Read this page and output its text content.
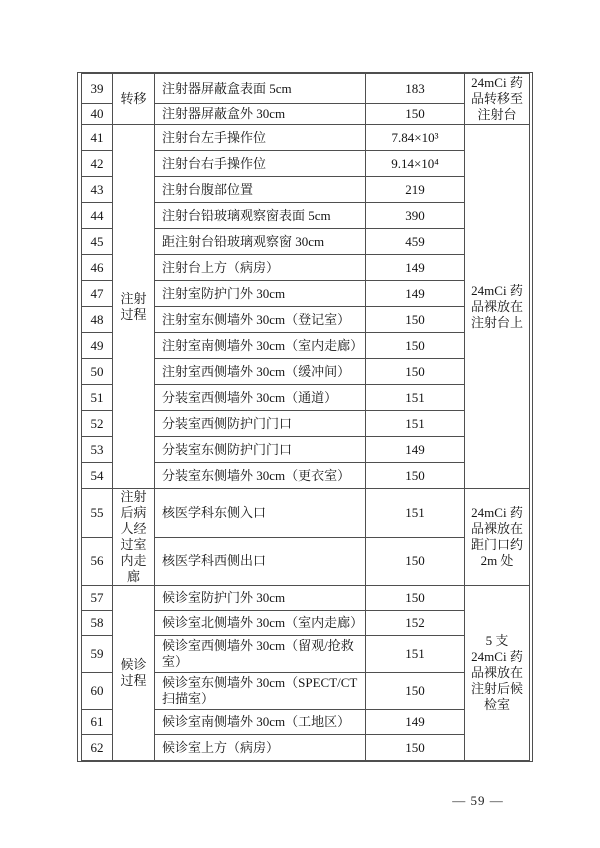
39	转移	注射器屏蔽盒表面 5cm	183	24mCi 药品转移至注射台
40		注射器屏蔽盒外 30cm	150	
41	注射过程	注射台左手操作位	7.84×10³	24mCi 药品裸放在注射台上
42		注射台右手操作位	9.14×10⁴	
43		注射台腹部位置	219	
44		注射台铅玻璃观察窗表面 5cm	390	
45		距注射台铅玻璃观察窗 30cm	459	
46		注射台上方（病房）	149	
47		注射室防护门外 30cm	149	
48		注射室东侧墙外 30cm（登记室）	150	
49		注射室南侧墙外 30cm（室内走廊）	150	
50		注射室西侧墙外 30cm（缓冲间）	150	
51		分装室西侧墙外 30cm（通道）	151	
52		分装室西侧防护门门口	151	
53		分装室东侧防护门门口	149	
54		分装室东侧墙外 30cm（更衣室）	150	
55	注射后病人经过室内走廊	核医学科东侧入口	151	24mCi 药品裸放在距门口约 2m 处
56		核医学科西侧出口	150	
57	候诊过程	候诊室防护门外 30cm	150	5 支 24mCi 药品裸放在注射后候检室
58		候诊室北侧墙外 30cm（室内走廊）	152	
59		候诊室西侧墙外 30cm（留观/抢救室）	151	
60		候诊室东侧墙外 30cm（SPECT/CT 扫描室）	150	
61		候诊室南侧墙外 30cm（工地区）	149	
62		候诊室上方（病房）	150	
— 59 —
